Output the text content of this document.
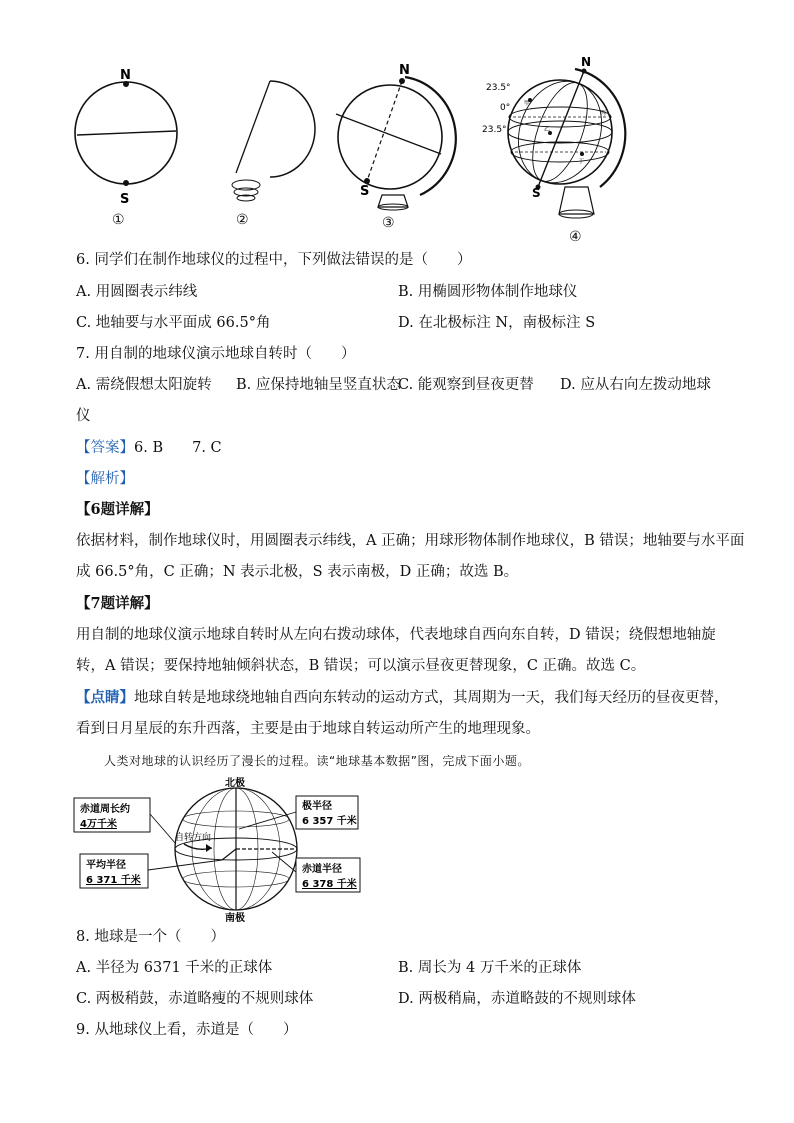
N
S
N
S
N
S
23.5°
0°
23.5°
甲
乙
丙
丁
①	②	③
④
6. 同学们在制作地球仪的过程中，下列做法错误的是（　　）
A. 用圆圈表示纬线	B. 用椭圆形物体制作地球仪
C. 地轴要与水平面成 66.5°角	D. 在北极标注 N，南极标注 S
7. 用自制的地球仪演示地球自转时（　　）
A. 需绕假想太阳旋转 B. 应保持地轴呈竖直状态
C. 能观察到昼夜更替 D. 应从右向左拨动地球
仪
【答案】6. B　　7. C
【解析】
【6题详解】
依据材料，制作地球仪时，用圆圈表示纬线，A 正确；用球形物体制作地球仪，B 错误；地轴要与水平面
成 66.5°角，C 正确；N 表示北极，S 表示南极，D 正确；故选 B。
【7题详解】
用自制的地球仪演示地球自转时从左向右拨动球体，代表地球自西向东自转，D 错误；绕假想地轴旋
转，A 错误；要保持地轴倾斜状态，B 错误；可以演示昼夜更替现象，C 正确。故选 C。
【点睛】地球自转是地球绕地轴自西向东转动的运动方式，其周期为一天，我们每天经历的昼夜更替，
看到日月星辰的东升西落，主要是由于地球自转运动所产生的地理现象。
人类对地球的认识经历了漫长的过程。读“地球基本数据”图，完成下面小题。
北极
南极
自转方向
赤道周长约
4万千米
极半径
6 357 千米
平均半径
6 371 千米
赤道半径
6 378 千米
8. 地球是一个（　　）
A. 半径为 6371 千米的正球体	B. 周长为 4 万千米的正球体
C. 两极稍鼓，赤道略瘦的不规则球体	D. 两极稍扁，赤道略鼓的不规则球体
9. 从地球仪上看，赤道是（　　）
